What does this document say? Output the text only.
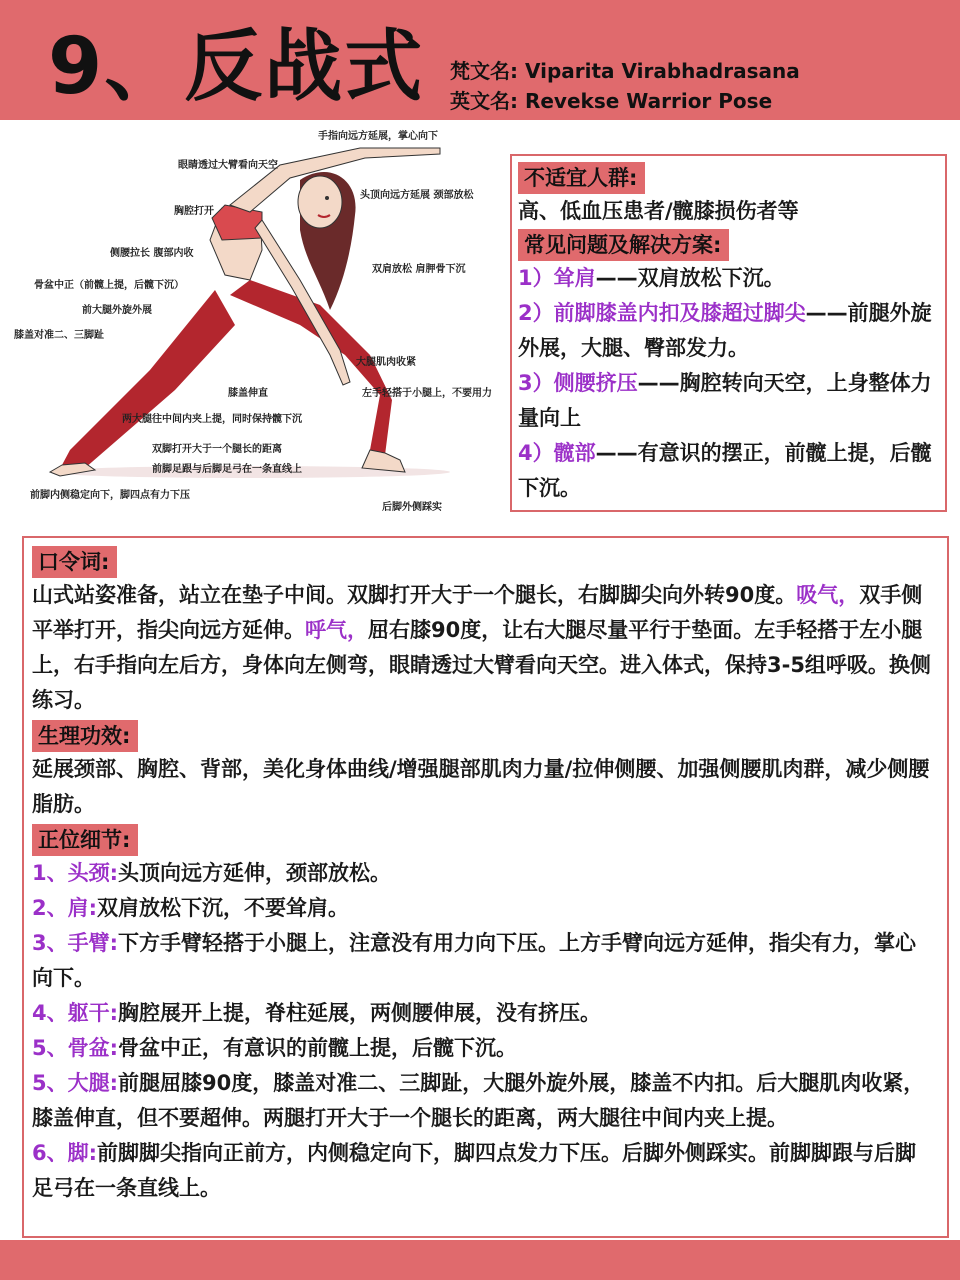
9、反战式 梵文名: Viparita Virabhadrasana
英文名: Revekse Warrior Pose
手指向远方延展，掌心向下
眼睛透过大臂看向天空
头顶向远方延展 颈部放松
胸腔打开
侧腰拉长 腹部内收
双肩放松 肩胛骨下沉
骨盆中正（前髋上提，后髋下沉）
前大腿外旋外展
膝盖对准二、三脚趾
大腿肌肉收紧
膝盖伸直	左手轻搭于小腿上，不要用力
两大腿往中间内夹上提，同时保持髋下沉
双脚打开大于一个腿长的距离
前脚足跟与后脚足弓在一条直线上
前脚内侧稳定向下，脚四点有力下压
后脚外侧踩实
不适宜人群:
高、低血压患者/髋膝损伤者等
常见问题及解决方案:
1）耸肩——双肩放松下沉。
2）前脚膝盖内扣及膝超过脚尖——前腿外旋外展，大腿、臀部发力。
3）侧腰挤压——胸腔转向天空，上身整体力量向上
4）髋部——有意识的摆正，前髋上提，后髋下沉。
口令词:
山式站姿准备，站立在垫子中间。双脚打开大于一个腿长，右脚脚尖向外转90度。吸气，双手侧平举打开，指尖向远方延伸。呼气，屈右膝90度，让右大腿尽量平行于垫面。左手轻搭于左小腿上，右手指向左后方，身体向左侧弯，眼睛透过大臂看向天空。进入体式，保持3-5组呼吸。换侧练习。
生理功效:
延展颈部、胸腔、背部，美化身体曲线/增强腿部肌肉力量/拉伸侧腰、加强侧腰肌肉群，减少侧腰脂肪。
正位细节:
1、头颈:头顶向远方延伸，颈部放松。
2、肩:双肩放松下沉，不要耸肩。
3、手臂:下方手臂轻搭于小腿上，注意没有用力向下压。上方手臂向远方延伸，指尖有力，掌心向下。
4、躯干:胸腔展开上提，脊柱延展，两侧腰伸展，没有挤压。
5、骨盆:骨盆中正，有意识的前髋上提，后髋下沉。
5、大腿:前腿屈膝90度，膝盖对准二、三脚趾，大腿外旋外展，膝盖不内扣。后大腿肌肉收紧，膝盖伸直，但不要超伸。两腿打开大于一个腿长的距离，两大腿往中间内夹上提。
6、脚:前脚脚尖指向正前方，内侧稳定向下，脚四点发力下压。后脚外侧踩实。前脚脚跟与后脚足弓在一条直线上。
